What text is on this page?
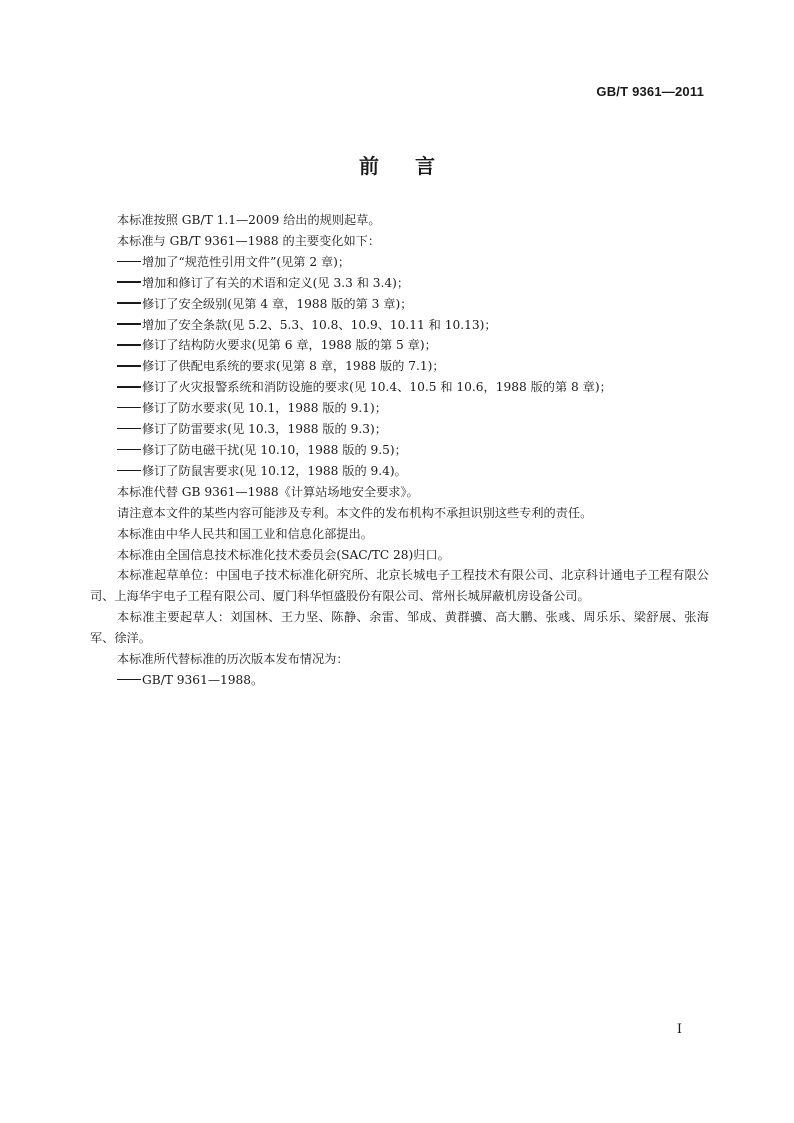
GB/T 9361—2011
前 言

本标准按照 GB/T 1.1—2009 给出的规则起草。

本标准与 GB/T 9361—1988 的主要变化如下：

增加了“规范性引用文件”(见第 2 章)；

增加和修订了有关的术语和定义(见 3.3 和 3.4)；

修订了安全级别(见第 4 章，1988 版的第 3 章)；

增加了安全条款(见 5.2、5.3、10.8、10.9、10.11 和 10.13)；

修订了结构防火要求(见第 6 章，1988 版的第 5 章)；

修订了供配电系统的要求(见第 8 章，1988 版的 7.1)；

修订了火灾报警系统和消防设施的要求(见 10.4、10.5 和 10.6，1988 版的第 8 章)；

修订了防水要求(见 10.1，1988 版的 9.1)；

修订了防雷要求(见 10.3，1988 版的 9.3)；

修订了防电磁干扰(见 10.10，1988 版的 9.5)；

修订了防鼠害要求(见 10.12，1988 版的 9.4)。

本标准代替 GB 9361—1988《计算站场地安全要求》。

请注意本文件的某些内容可能涉及专利。本文件的发布机构不承担识别这些专利的责任。

本标准由中华人民共和国工业和信息化部提出。

本标准由全国信息技术标准化技术委员会(SAC/TC 28)归口。

本标准起草单位：中国电子技术标准化研究所、北京长城电子工程技术有限公司、北京科计通电子工程有限公司、上海华宇电子工程有限公司、厦门科华恒盛股份有限公司、常州长城屏蔽机房设备公司。

本标准主要起草人：刘国林、王力坚、陈静、余雷、邹成、黄群骥、高大鹏、张彧、周乐乐、梁舒展、张海军、徐洋。

本标准所代替标准的历次版本发布情况为：

GB/T 9361—1988。

Ⅰ
